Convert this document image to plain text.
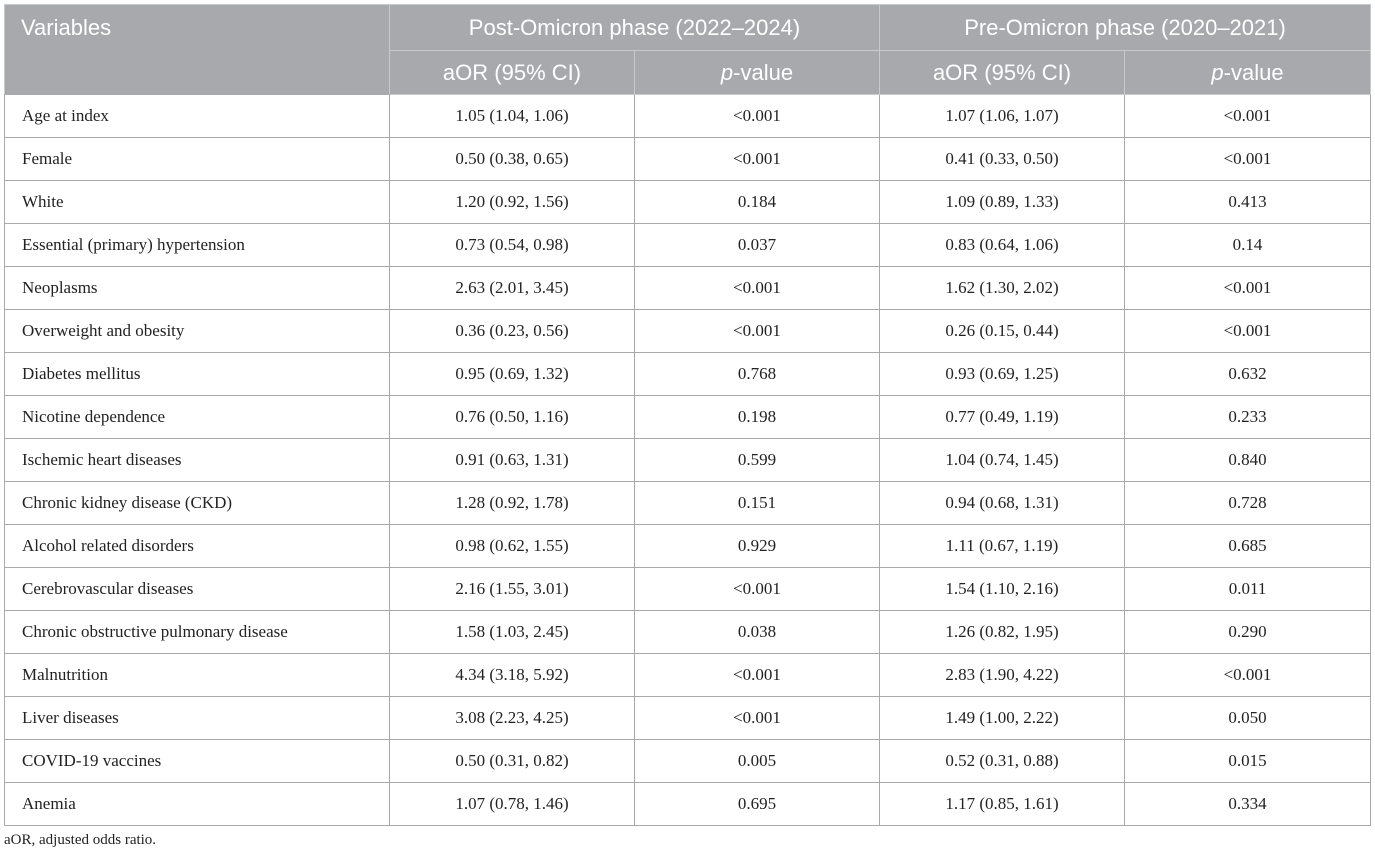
Variables	Post-Omicron phase (2022–2024)		Pre-Omicron phase (2020–2021)	
	aOR (95% CI)	p-value	aOR (95% CI)	p-value
Age at index	1.05 (1.04, 1.06)	<0.001	1.07 (1.06, 1.07)	<0.001
Female	0.50 (0.38, 0.65)	<0.001	0.41 (0.33, 0.50)	<0.001
White	1.20 (0.92, 1.56)	0.184	1.09 (0.89, 1.33)	0.413
Essential (primary) hypertension	0.73 (0.54, 0.98)	0.037	0.83 (0.64, 1.06)	0.14
Neoplasms	2.63 (2.01, 3.45)	<0.001	1.62 (1.30, 2.02)	<0.001
Overweight and obesity	0.36 (0.23, 0.56)	<0.001	0.26 (0.15, 0.44)	<0.001
Diabetes mellitus	0.95 (0.69, 1.32)	0.768	0.93 (0.69, 1.25)	0.632
Nicotine dependence	0.76 (0.50, 1.16)	0.198	0.77 (0.49, 1.19)	0.233
Ischemic heart diseases	0.91 (0.63, 1.31)	0.599	1.04 (0.74, 1.45)	0.840
Chronic kidney disease (CKD)	1.28 (0.92, 1.78)	0.151	0.94 (0.68, 1.31)	0.728
Alcohol related disorders	0.98 (0.62, 1.55)	0.929	1.11 (0.67, 1.19)	0.685
Cerebrovascular diseases	2.16 (1.55, 3.01)	<0.001	1.54 (1.10, 2.16)	0.011
Chronic obstructive pulmonary disease	1.58 (1.03, 2.45)	0.038	1.26 (0.82, 1.95)	0.290
Malnutrition	4.34 (3.18, 5.92)	<0.001	2.83 (1.90, 4.22)	<0.001
Liver diseases	3.08 (2.23, 4.25)	<0.001	1.49 (1.00, 2.22)	0.050
COVID-19 vaccines	0.50 (0.31, 0.82)	0.005	0.52 (0.31, 0.88)	0.015
Anemia	1.07 (0.78, 1.46)	0.695	1.17 (0.85, 1.61)	0.334
aOR, adjusted odds ratio.
